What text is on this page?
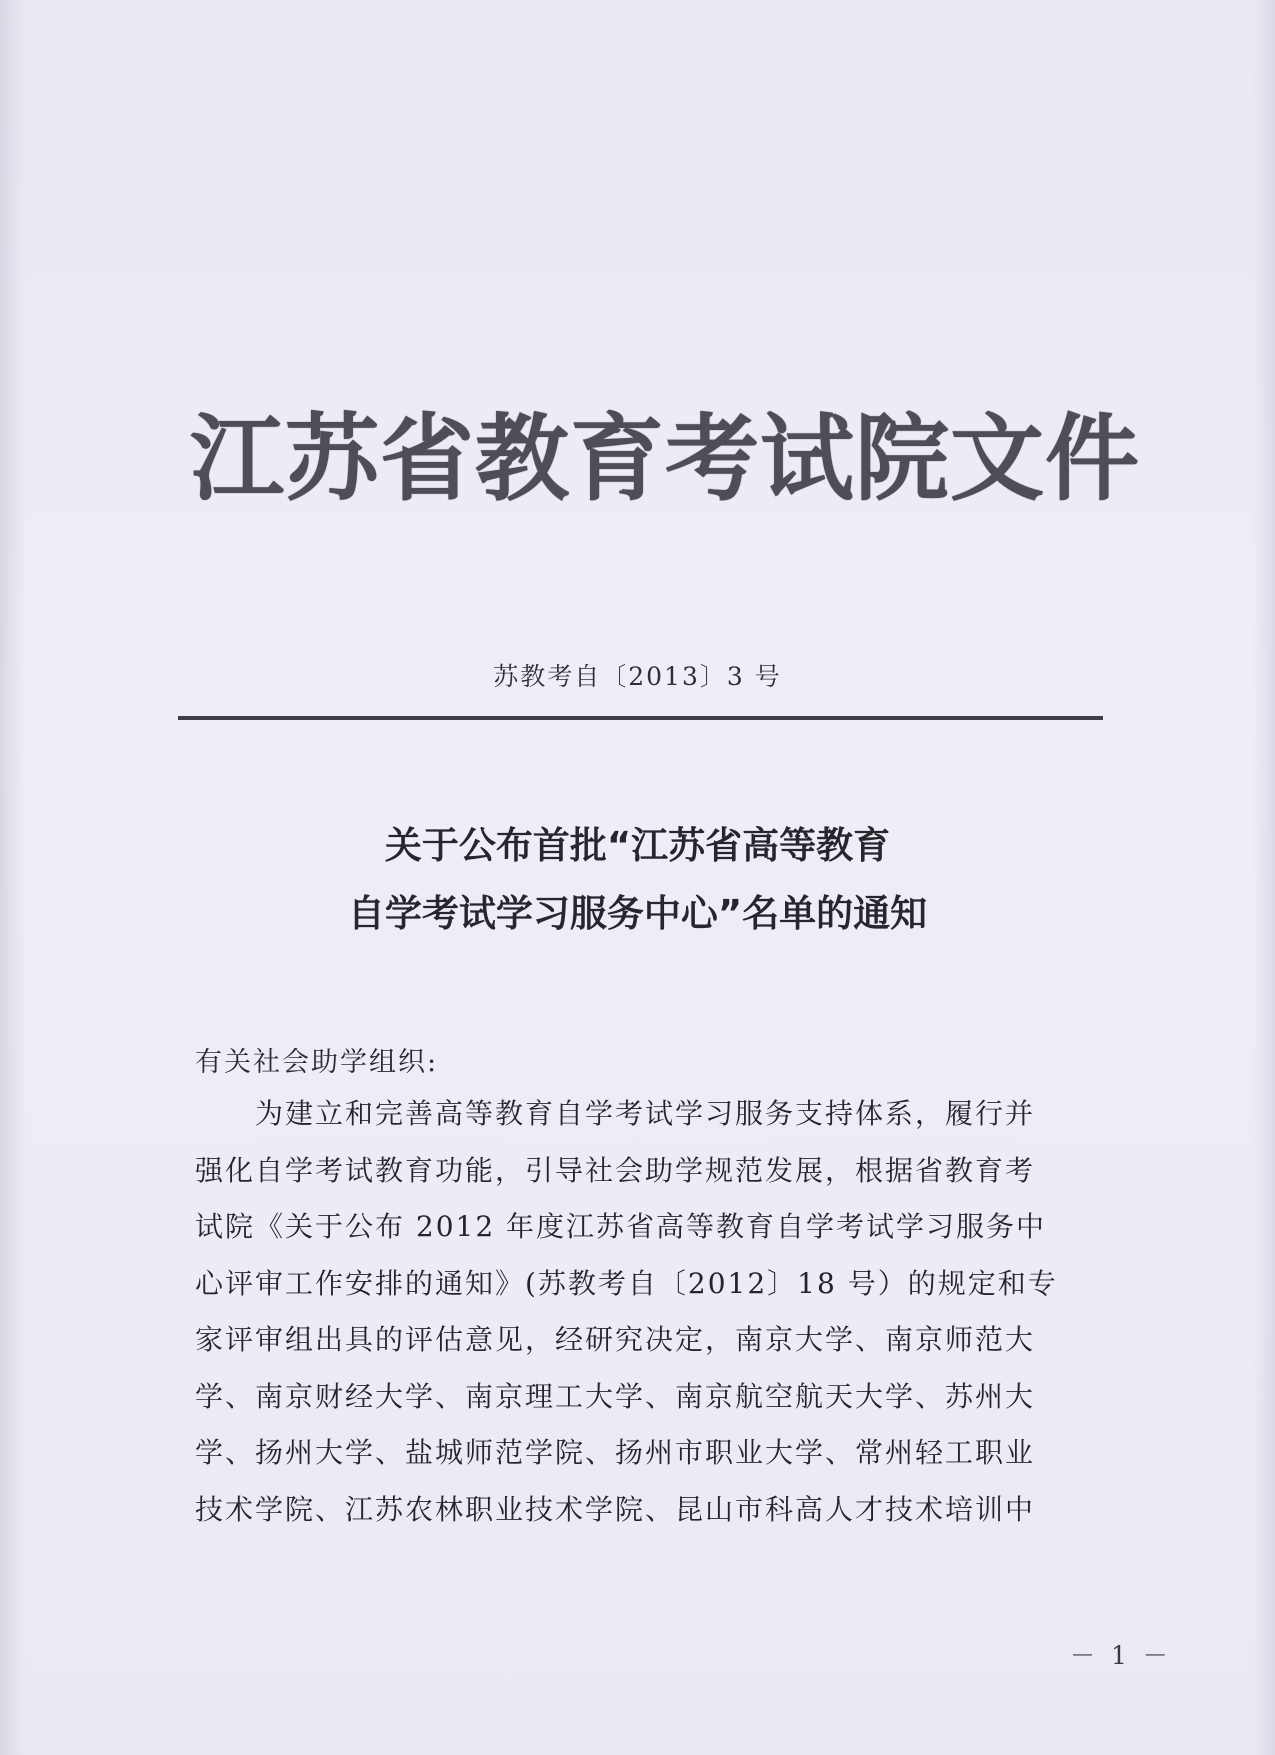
江苏省教育考试院文件
苏教考自〔2013〕3 号
关于公布首批“江苏省高等教育
自学考试学习服务中心”名单的通知
有关社会助学组织:
　　为建立和完善高等教育自学考试学习服务支持体系，履行并
强化自学考试教育功能，引导社会助学规范发展，根据省教育考
试院《关于公布 2012 年度江苏省高等教育自学考试学习服务中
心评审工作安排的通知》(苏教考自〔2012〕18 号）的规定和专
家评审组出具的评估意见，经研究决定，南京大学、南京师范大
学、南京财经大学、南京理工大学、南京航空航天大学、苏州大
学、扬州大学、盐城师范学院、扬州市职业大学、常州轻工职业
技术学院、江苏农林职业技术学院、昆山市科高人才技术培训中
－ 1 －
